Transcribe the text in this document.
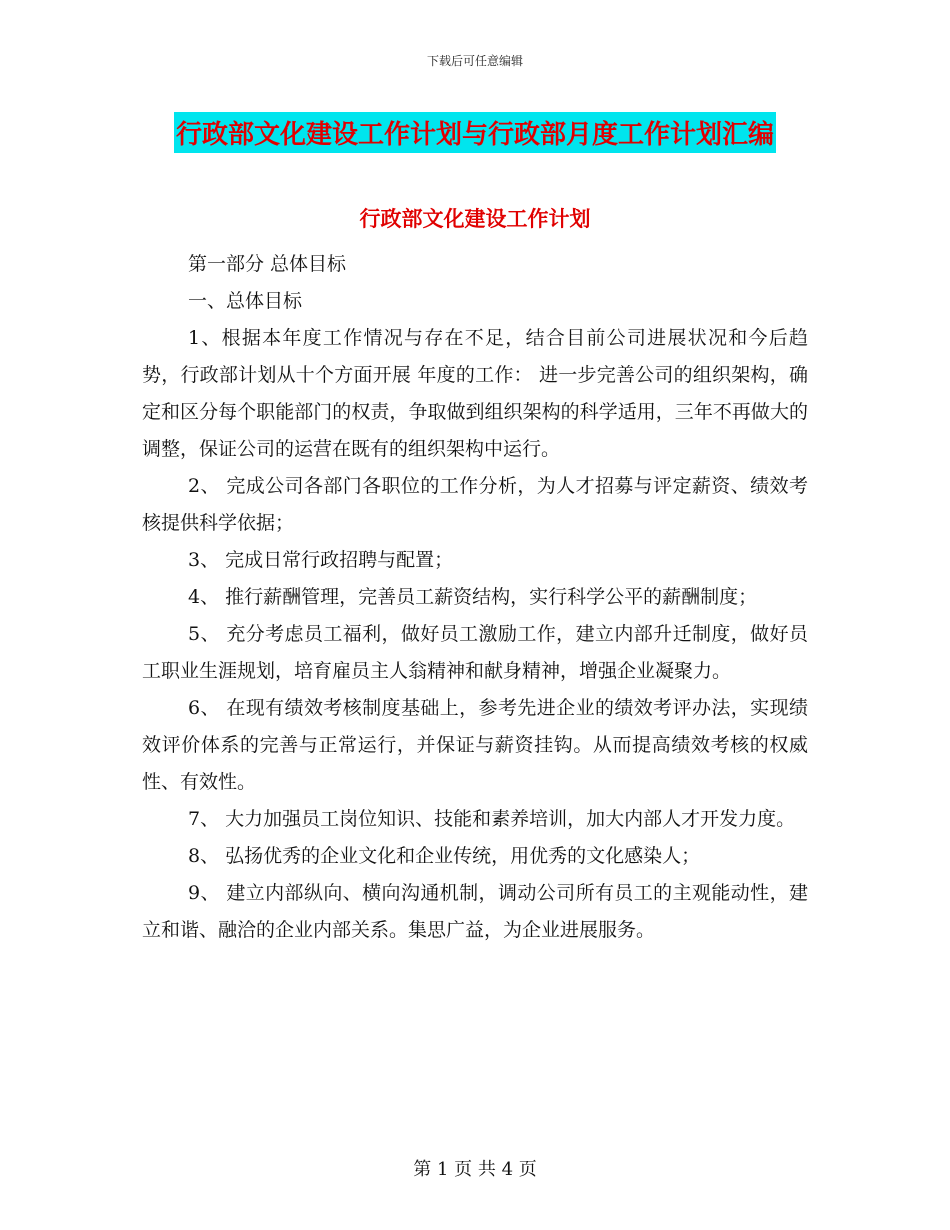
下载后可任意编辑
行政部文化建设工作计划与行政部月度工作计划汇编
行政部文化建设工作计划

第一部分 总体目标

一、总体目标

1、根据本年度工作情况与存在不足，结合目前公司进展状况和今后趋势，行政部计划从十个方面开展 年度的工作： 进一步完善公司的组织架构，确定和区分每个职能部门的权责，争取做到组织架构的科学适用，三年不再做大的调整，保证公司的运营在既有的组织架构中运行。

2、 完成公司各部门各职位的工作分析，为人才招募与评定薪资、绩效考核提供科学依据；

3、 完成日常行政招聘与配置；

4、 推行薪酬管理，完善员工薪资结构，实行科学公平的薪酬制度；

5、 充分考虑员工福利，做好员工激励工作，建立内部升迁制度，做好员工职业生涯规划，培育雇员主人翁精神和献身精神，增强企业凝聚力。

6、 在现有绩效考核制度基础上，参考先进企业的绩效考评办法，实现绩效评价体系的完善与正常运行，并保证与薪资挂钩。从而提高绩效考核的权威性、有效性。

7、 大力加强员工岗位知识、技能和素养培训，加大内部人才开发力度。

8、 弘扬优秀的企业文化和企业传统，用优秀的文化感染人；

9、 建立内部纵向、横向沟通机制，调动公司所有员工的主观能动性，建立和谐、融洽的企业内部关系。集思广益，为企业进展服务。

第 1 页 共 4 页
